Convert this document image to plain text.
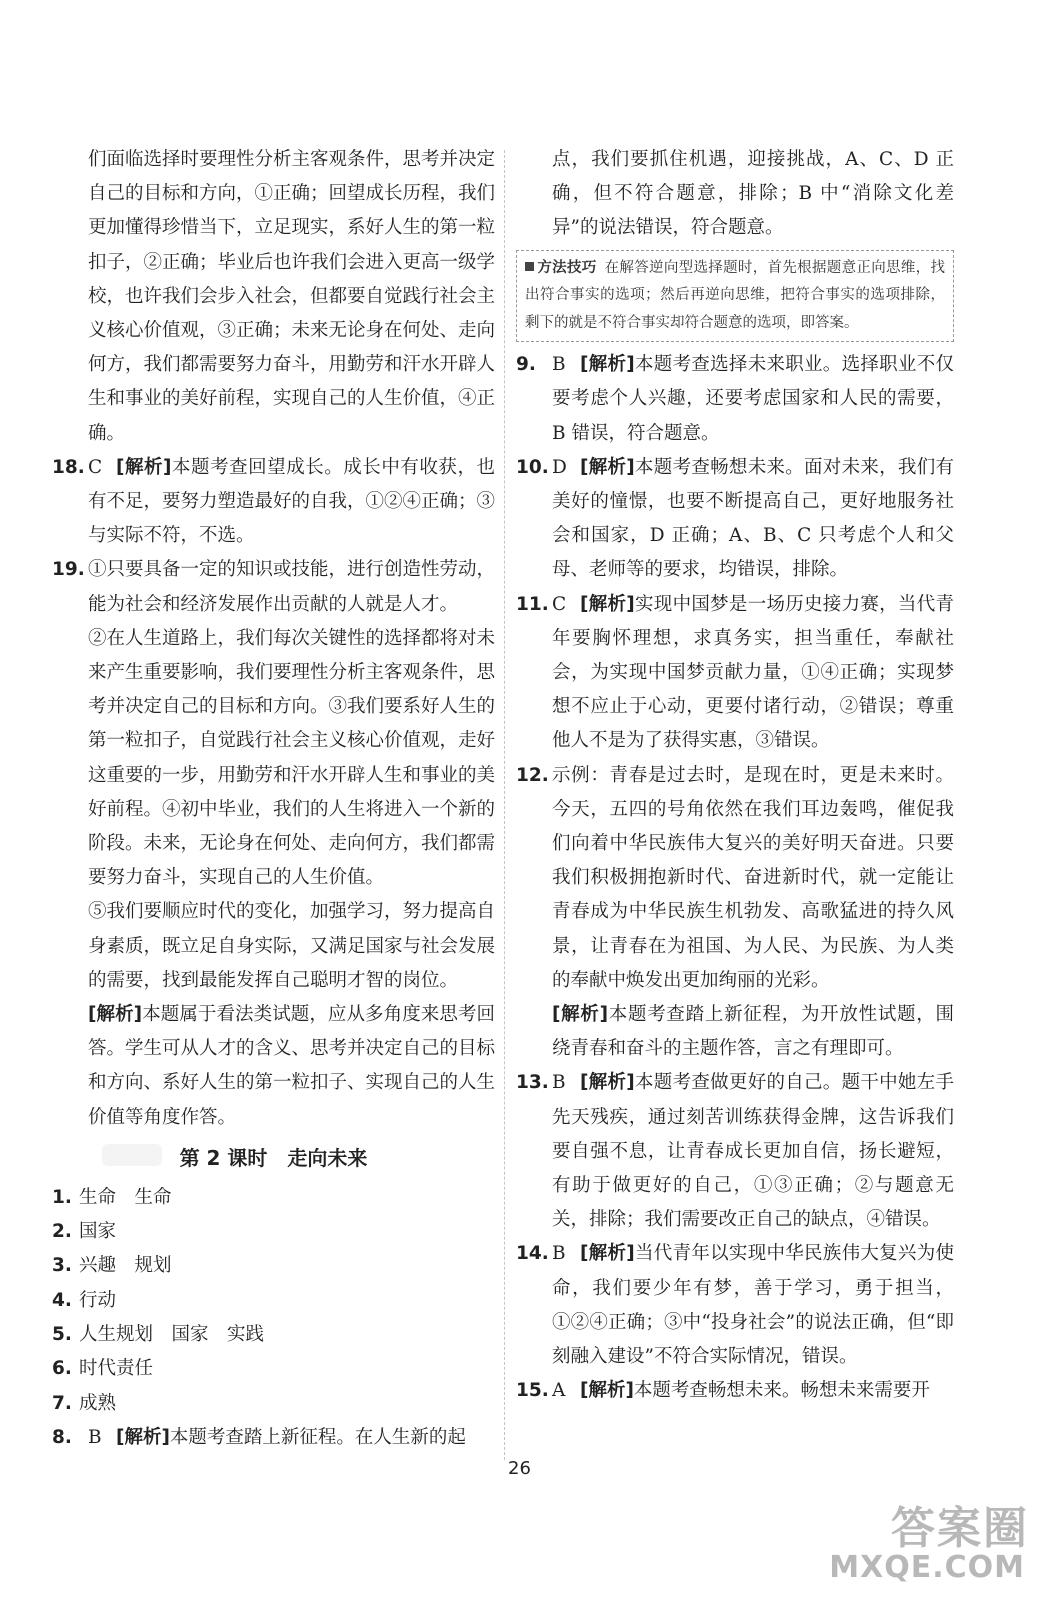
们面临选择时要理性分析主客观条件，思考并决定自己的目标和方向，①正确；回望成长历程，我们更加懂得珍惜当下，立足现实，系好人生的第一粒扣子，②正确；毕业后也许我们会进入更高一级学校，也许我们会步入社会，但都要自觉践行社会主义核心价值观，③正确；未来无论身在何处、走向何方，我们都需要努力奋斗，用勤劳和汗水开辟人生和事业的美好前程，实现自己的人生价值，④正确。

18. C [解析]本题考查回望成长。成长中有收获，也有不足，要努力塑造最好的自我，①②④正确；③与实际不符，不选。
19. ①只要具备一定的知识或技能，进行创造性劳动，能为社会和经济发展作出贡献的人就是人才。

②在人生道路上，我们每次关键性的选择都将对未来产生重要影响，我们要理性分析主客观条件，思考并决定自己的目标和方向。③我们要系好人生的第一粒扣子，自觉践行社会主义核心价值观，走好这重要的一步，用勤劳和汗水开辟人生和事业的美好前程。④初中毕业，我们的人生将进入一个新的阶段。未来，无论身在何处、走向何方，我们都需要努力奋斗，实现自己的人生价值。

⑤我们要顺应时代的变化，加强学习，努力提高自身素质，既立足自身实际，又满足国家与社会发展的需要，找到最能发挥自己聪明才智的岗位。

[解析]本题属于看法类试题，应从多角度来思考回答。学生可从人才的含义、思考并决定自己的目标和方向、系好人生的第一粒扣子、实现自己的人生价值等角度作答。

第 2 课时　走向未来

1. 生命　生命

2. 国家

3. 兴趣　规划

4. 行动

5. 人生规划　国家　实践

6. 时代责任

7. 成熟

8. B [解析]本题考查踏上新征程。在人生新的起

点，我们要抓住机遇，迎接挑战，A、C、D 正确，但不符合题意，排除；B 中“消除文化差异”的说法错误，符合题意。

方法技巧 在解答逆向型选择题时，首先根据题意正向思维，找出符合事实的选项；然后再逆向思维，把符合事实的选项排除，剩下的就是不符合事实却符合题意的选项，即答案。
9. B [解析]本题考查选择未来职业。选择职业不仅要考虑个人兴趣，还要考虑国家和人民的需要，B 错误，符合题意。
10. D [解析]本题考查畅想未来。面对未来，我们有美好的憧憬，也要不断提高自己，更好地服务社会和国家，D 正确；A、B、C 只考虑个人和父母、老师等的要求，均错误，排除。
11. C [解析]实现中国梦是一场历史接力赛，当代青年要胸怀理想，求真务实，担当重任，奉献社会，为实现中国梦贡献力量，①④正确；实现梦想不应止于心动，更要付诸行动，②错误；尊重他人不是为了获得实惠，③错误。
12. 示例：青春是过去时，是现在时，更是未来时。今天，五四的号角依然在我们耳边轰鸣，催促我们向着中华民族伟大复兴的美好明天奋进。只要我们积极拥抱新时代、奋进新时代，就一定能让青春成为中华民族生机勃发、高歌猛进的持久风景，让青春在为祖国、为人民、为民族、为人类的奉献中焕发出更加绚丽的光彩。

[解析]本题考查踏上新征程，为开放性试题，围绕青春和奋斗的主题作答，言之有理即可。

13. B [解析]本题考查做更好的自己。题干中她左手先天残疾，通过刻苦训练获得金牌，这告诉我们要自强不息，让青春成长更加自信，扬长避短，有助于做更好的自己，①③正确；②与题意无关，排除；我们需要改正自己的缺点，④错误。
14. B [解析]当代青年以实现中华民族伟大复兴为使命，我们要少年有梦，善于学习，勇于担当，①②④正确；③中“投身社会”的说法正确，但“即刻融入建设”不符合实际情况，错误。
15. A [解析]本题考查畅想未来。畅想未来需要开
26
答案圈
MXQE.COM
